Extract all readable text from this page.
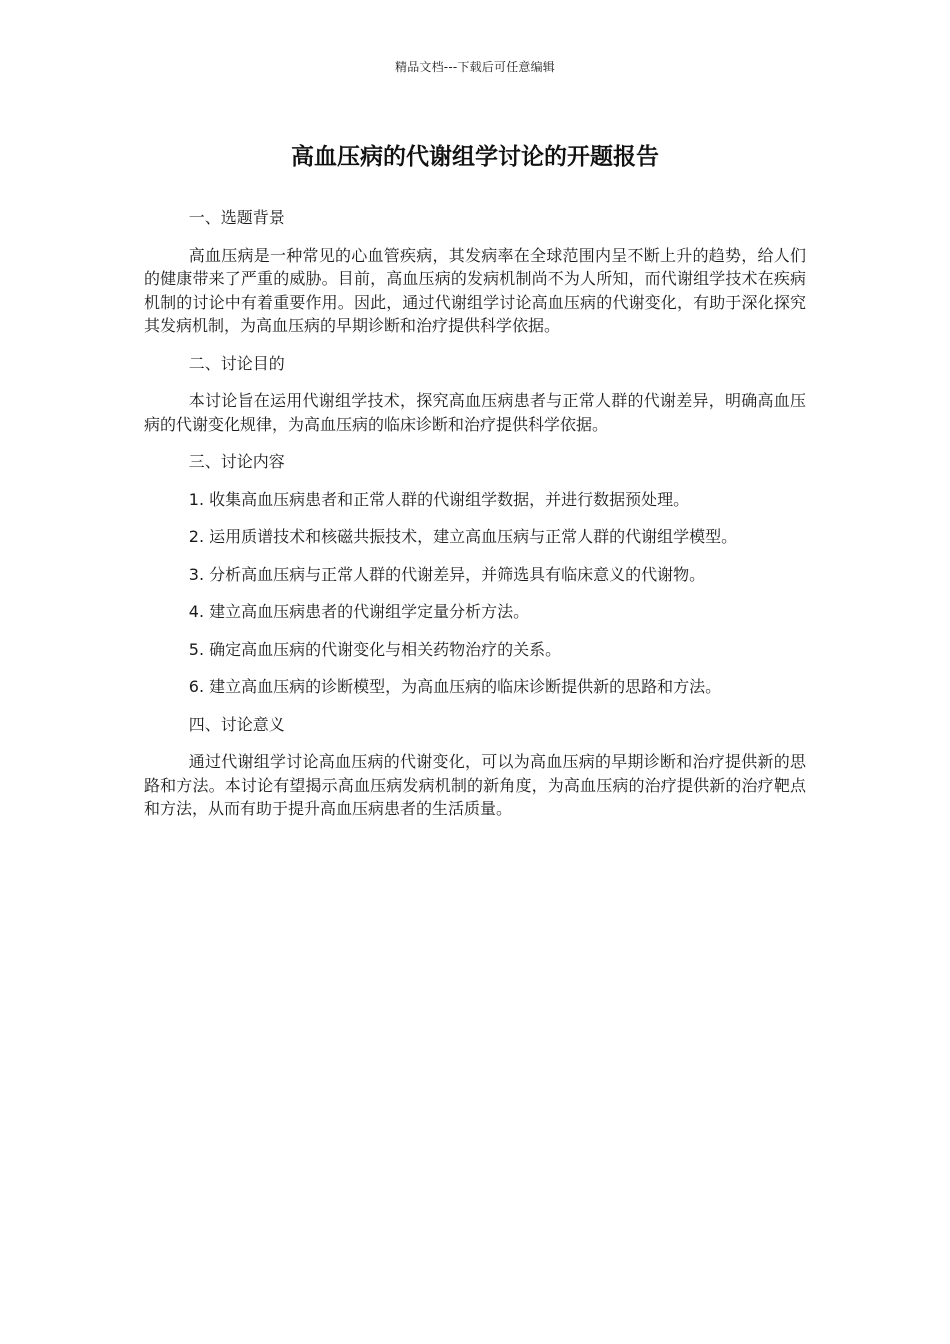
精品文档---下载后可任意编辑
高血压病的代谢组学讨论的开题报告

一、选题背景

高血压病是一种常见的心血管疾病，其发病率在全球范围内呈不断上升的趋势，给人们的健康带来了严重的威胁。目前，高血压病的发病机制尚不为人所知，而代谢组学技术在疾病机制的讨论中有着重要作用。因此，通过代谢组学讨论高血压病的代谢变化，有助于深化探究其发病机制，为高血压病的早期诊断和治疗提供科学依据。

二、讨论目的

本讨论旨在运用代谢组学技术，探究高血压病患者与正常人群的代谢差异，明确高血压病的代谢变化规律，为高血压病的临床诊断和治疗提供科学依据。

三、讨论内容

1. 收集高血压病患者和正常人群的代谢组学数据，并进行数据预处理。

2. 运用质谱技术和核磁共振技术，建立高血压病与正常人群的代谢组学模型。

3. 分析高血压病与正常人群的代谢差异，并筛选具有临床意义的代谢物。

4. 建立高血压病患者的代谢组学定量分析方法。

5. 确定高血压病的代谢变化与相关药物治疗的关系。

6. 建立高血压病的诊断模型，为高血压病的临床诊断提供新的思路和方法。

四、讨论意义

通过代谢组学讨论高血压病的代谢变化，可以为高血压病的早期诊断和治疗提供新的思路和方法。本讨论有望揭示高血压病发病机制的新角度，为高血压病的治疗提供新的治疗靶点和方法，从而有助于提升高血压病患者的生活质量。
